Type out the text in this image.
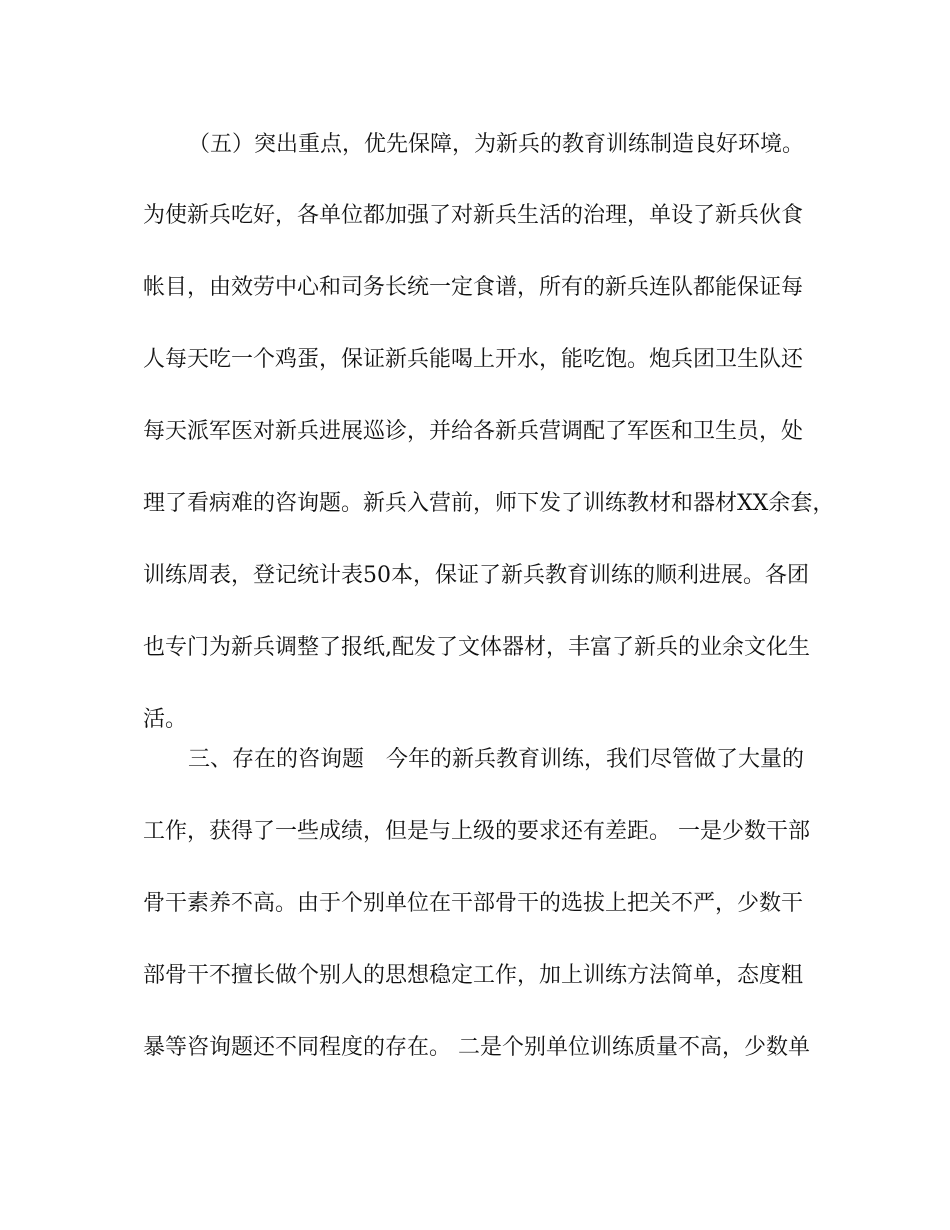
（五）突出重点，优先保障，为新兵的教育训练制造良好环境。
为使新兵吃好，各单位都加强了对新兵生活的治理，单设了新兵伙食
帐目，由效劳中心和司务长统一定食谱，所有的新兵连队都能保证每
人每天吃一个鸡蛋，保证新兵能喝上开水，能吃饱。炮兵团卫生队还
每天派军医对新兵进展巡诊，并给各新兵营调配了军医和卫生员，处
理了看病难的咨询题。新兵入营前，师下发了训练教材和器材XX余套，
训练周表，登记统计表50本，保证了新兵教育训练的顺利进展。各团
也专门为新兵调整了报纸,配发了文体器材，丰富了新兵的业余文化生
活。
三、存在的咨询题　今年的新兵教育训练，我们尽管做了大量的
工作，获得了一些成绩，但是与上级的要求还有差距。 一是少数干部
骨干素养不高。由于个别单位在干部骨干的选拔上把关不严，少数干
部骨干不擅长做个别人的思想稳定工作，加上训练方法简单，态度粗
暴等咨询题还不同程度的存在。 二是个别单位训练质量不高，少数单
